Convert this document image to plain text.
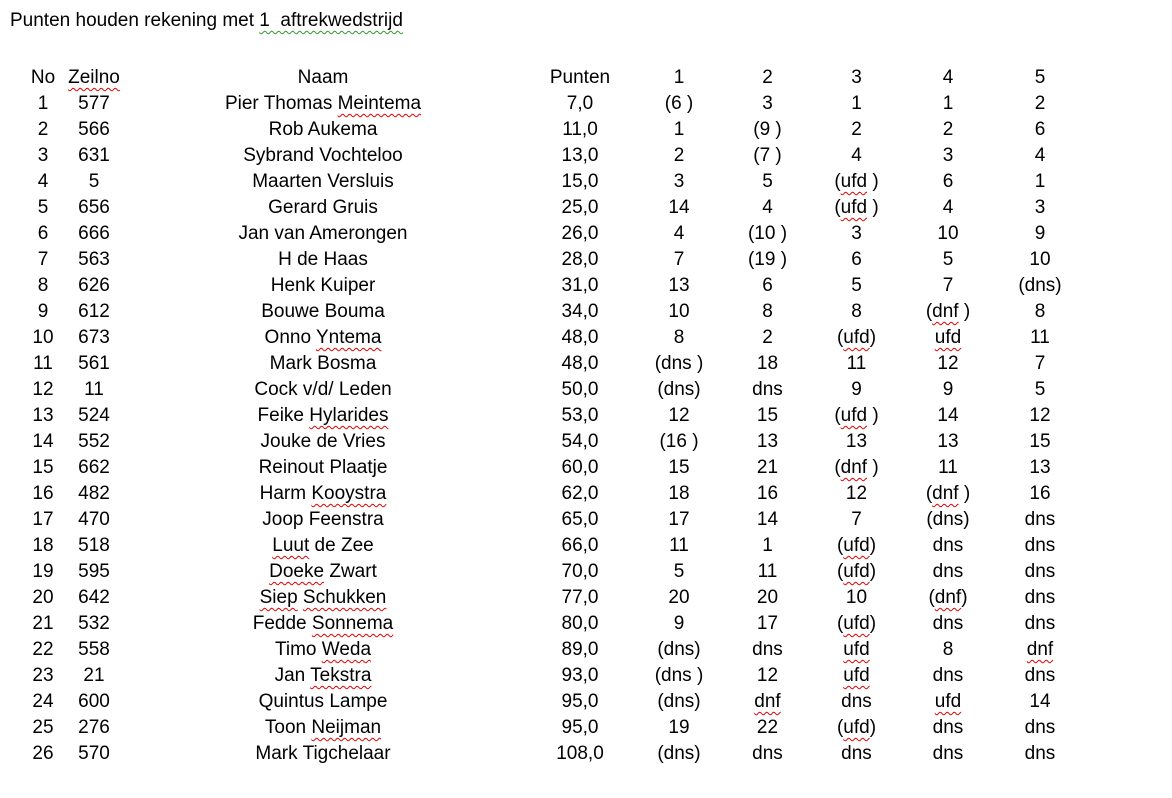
Punten houden rekening met 1  aftrekwedstrijd

No	Zeilno	Naam	Punten	1	2	3	4	5
1	577	Pier Thomas Meintema	7,0	(6 )	3	1	1	2
2	566	Rob Aukema	11,0	1	(9 )	2	2	6
3	631	Sybrand Vochteloo	13,0	2	(7 )	4	3	4
4	5	Maarten Versluis	15,0	3	5	(ufd )	6	1
5	656	Gerard Gruis	25,0	14	4	(ufd )	4	3
6	666	Jan van Amerongen	26,0	4	(10 )	3	10	9
7	563	H de Haas	28,0	7	(19 )	6	5	10
8	626	Henk Kuiper	31,0	13	6	5	7	(dns)
9	612	Bouwe Bouma	34,0	10	8	8	(dnf )	8
10	673	Onno Yntema	48,0	8	2	(ufd)	ufd	11
11	561	Mark Bosma	48,0	(dns )	18	11	12	7
12	11	Cock v/d/ Leden	50,0	(dns)	dns	9	9	5
13	524	Feike Hylarides	53,0	12	15	(ufd )	14	12
14	552	Jouke de Vries	54,0	(16 )	13	13	13	15
15	662	Reinout Plaatje	60,0	15	21	(dnf )	11	13
16	482	Harm Kooystra	62,0	18	16	12	(dnf )	16
17	470	Joop Feenstra	65,0	17	14	7	(dns)	dns
18	518	Luut de Zee	66,0	11	1	(ufd)	dns	dns
19	595	Doeke Zwart	70,0	5	11	(ufd)	dns	dns
20	642	Siep Schukken	77,0	20	20	10	(dnf)	dns
21	532	Fedde Sonnema	80,0	9	17	(ufd)	dns	dns
22	558	Timo Weda	89,0	(dns)	dns	ufd	8	dnf
23	21	Jan Tekstra	93,0	(dns )	12	ufd	dns	dns
24	600	Quintus Lampe	95,0	(dns)	dnf	dns	ufd	14
25	276	Toon Neijman	95,0	19	22	(ufd)	dns	dns
26	570	Mark Tigchelaar	108,0	(dns)	dns	dns	dns	dns
